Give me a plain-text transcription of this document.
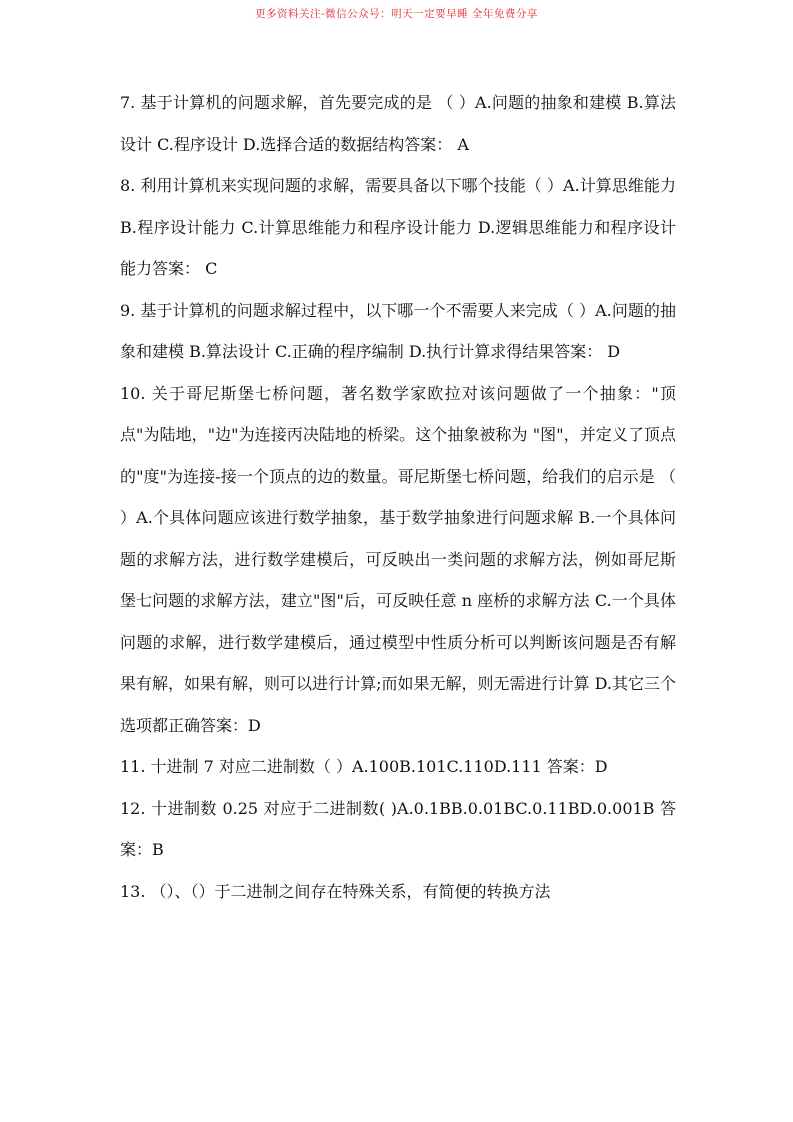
更多资料关注-微信公众号：明天一定要早睡 全年免费分享

7. 基于计算机的问题求解，首先要完成的是 （ ）A.问题的抽象和建模 B.算法设计 C.程序设计 D.选择合适的数据结构答案： A

8. 利用计算机来实现问题的求解，需要具备以下哪个技能（ ）A.计算思维能力 B.程序设计能力 C.计算思维能力和程序设计能力 D.逻辑思维能力和程序设计能力答案： C

9. 基于计算机的问题求解过程中，以下哪一个不需要人来完成（ ）A.问题的抽象和建模 B.算法设计 C.正确的程序编制 D.执行计算求得结果答案： D

10. 关于哥尼斯堡七桥问题，著名数学家欧拉对该问题做了一个抽象："顶点"为陆地，"边"为连接丙决陆地的桥梁。这个抽象被称为 "图"，并定义了顶点的"度"为连接-接一个顶点的边的数量。哥尼斯堡七桥问题，给我们的启示是 （ ）A.个具体问题应该进行数学抽象，基于数学抽象进行问题求解 B.一个具体问题的求解方法，进行数学建模后，可反映出一类问题的求解方法，例如哥尼斯堡七问题的求解方法，建立"图"后，可反映任意 n 座桥的求解方法 C.一个具体问题的求解，进行数学建模后，通过模型中性质分析可以判断该问题是否有解果有解，如果有解，则可以进行计算;而如果无解，则无需进行计算 D.其它三个选项都正确答案：D

11. 十进制 7 对应二进制数（ ）A.100B.101C.110D.111 答案：D

12. 十进制数 0.25 对应于二进制数( )A.0.1BB.0.01BC.0.11BD.0.001B 答案：B

13. （）、（）于二进制之间存在特殊关系，有简便的转换方法
